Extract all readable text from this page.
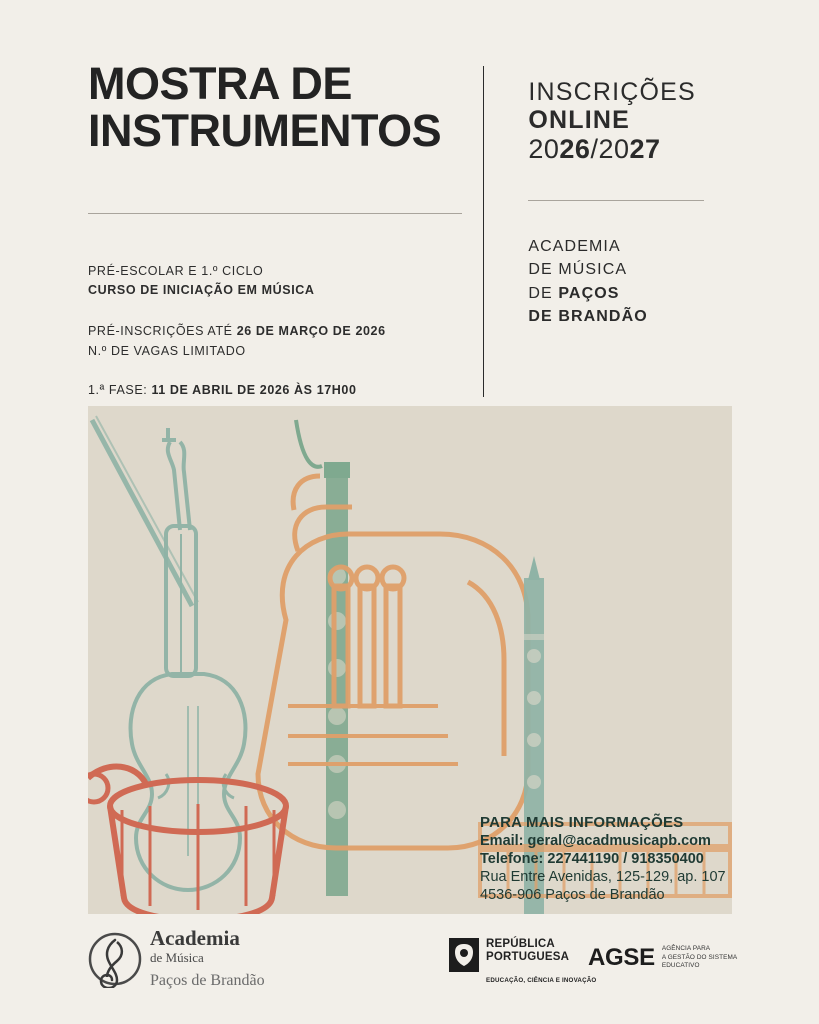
MOSTRA DE
INSTRUMENTOS
PRÉ-ESCOLAR E 1.º CICLO
CURSO DE INICIAÇÃO EM MÚSICA
PRÉ-INSCRIÇÕES ATÉ 26 DE MARÇO DE 2026
N.º DE VAGAS LIMITADO
1.ª FASE: 11 DE ABRIL DE 2026 ÀS 17H00
INSCRIÇÕES
ONLINE
2026/2027
ACADEMIA
DE MÚSICA
DE PAÇOS
DE BRANDÃO
PARA MAIS INFORMAÇÕES
Email: geral@acadmusicapb.com
Telefone: 227441190 / 918350400
Rua Entre Avenidas, 125-129, ap. 107
4536-906 Paços de Brandão
Academia
de Música
Paços de Brandão
REPÚBLICA
PORTUGUESA
EDUCAÇÃO, CIÊNCIA E INOVAÇÃO
AGSE AGÊNCIA PARA
A GESTÃO DO SISTEMA
EDUCATIVO
